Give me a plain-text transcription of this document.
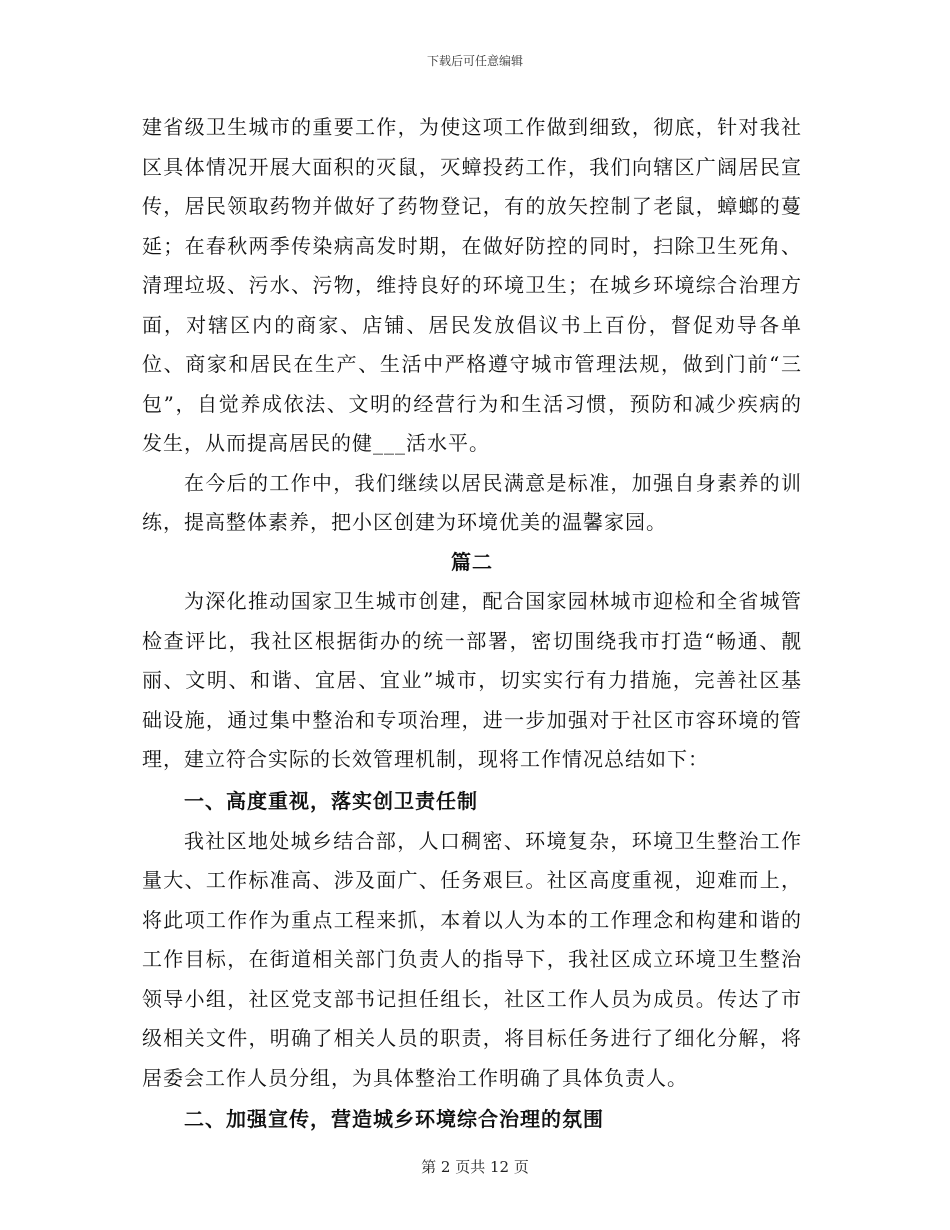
下载后可任意编辑

建省级卫生城市的重要工作，为使这项工作做到细致，彻底，针对我社区具体情况开展大面积的灭鼠，灭蟑投药工作，我们向辖区广阔居民宣传，居民领取药物并做好了药物登记，有的放矢控制了老鼠，蟑螂的蔓延；在春秋两季传染病高发时期，在做好防控的同时，扫除卫生死角、清理垃圾、污水、污物，维持良好的环境卫生；在城乡环境综合治理方面，对辖区内的商家、店铺、居民发放倡议书上百份，督促劝导各单位、商家和居民在生产、生活中严格遵守城市管理法规，做到门前“三包”，自觉养成依法、文明的经营行为和生活习惯，预防和减少疾病的发生，从而提高居民的健___活水平。

在今后的工作中，我们继续以居民满意是标准，加强自身素养的训练，提高整体素养，把小区创建为环境优美的温馨家园。

篇二

为深化推动国家卫生城市创建，配合国家园林城市迎检和全省城管检查评比，我社区根据街办的统一部署，密切围绕我市打造“畅通、靓丽、文明、和谐、宜居、宜业”城市，切实实行有力措施，完善社区基础设施，通过集中整治和专项治理，进一步加强对于社区市容环境的管理，建立符合实际的长效管理机制，现将工作情况总结如下：

一、高度重视，落实创卫责任制

我社区地处城乡结合部，人口稠密、环境复杂，环境卫生整治工作量大、工作标准高、涉及面广、任务艰巨。社区高度重视，迎难而上，将此项工作作为重点工程来抓，本着以人为本的工作理念和构建和谐的工作目标，在街道相关部门负责人的指导下，我社区成立环境卫生整治领导小组，社区党支部书记担任组长，社区工作人员为成员。传达了市级相关文件，明确了相关人员的职责，将目标任务进行了细化分解，将居委会工作人员分组，为具体整治工作明确了具体负责人。

二、加强宣传，营造城乡环境综合治理的氛围

第 2 页共 12 页
